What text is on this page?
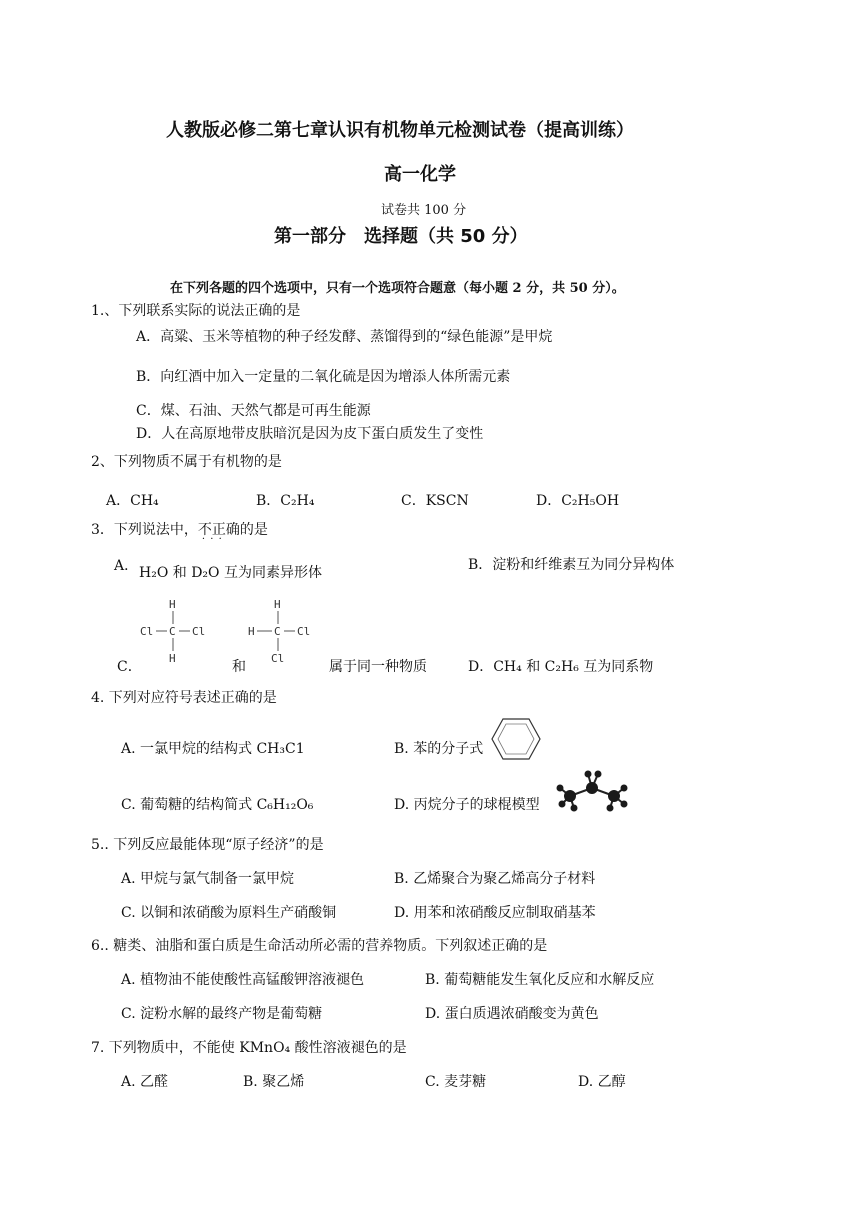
人教版必修二第七章认识有机物单元检测试卷（提高训练）
高一化学
试卷共 100 分
第一部分　选择题（共 50 分）
在下列各题的四个选项中，只有一个选项符合题意（每小题 2 分，共 50 分）。
1.、下列联系实际的说法正确的是
A．高粱、玉米等植物的种子经发酵、蒸馏得到的“绿色能源”是甲烷
B．向红酒中加入一定量的二氧化硫是因为增添人体所需元素
C．煤、石油、天然气都是可再生能源
D．人在高原地带皮肤暗沉是因为皮下蛋白质发生了变性
2、下列物质不属于有机物的是
A．CH₄	B．C₂H₄	C．KSCN	D．C₂H₅OH
3．下列说法中，不正确 · · ·的是
A． H₂O 和 D₂O 互为同素异形体	B．淀粉和纤维素互为同分异构体
H
Cl C Cl
H
H
H C Cl
Cl
C．	和	属于同一种物质	D．CH₄ 和 C₂H₆ 互为同系物
4. 下列对应符号表述正确的是
A. 一氯甲烷的结构式 CH₃C1	B. 苯的分子式
C. 葡萄糖的结构简式 C₆H₁₂O₆	D. 丙烷分子的球棍模型
5.. 下列反应最能体现“原子经济”的是
A. 甲烷与氯气制备一氯甲烷	B. 乙烯聚合为聚乙烯高分子材料
C. 以铜和浓硝酸为原料生产硝酸铜	D. 用苯和浓硝酸反应制取硝基苯
6.. 糖类、油脂和蛋白质是生命活动所必需的营养物质。下列叙述正确的是
A. 植物油不能使酸性高锰酸钾溶液褪色	B. 葡萄糖能发生氧化反应和水解反应
C. 淀粉水解的最终产物是葡萄糖	D. 蛋白质遇浓硝酸变为黄色
7. 下列物质中，不能使 KMnO₄ 酸性溶液褪色的是
A. 乙醛	B. 聚乙烯	C. 麦芽糖	D. 乙醇
